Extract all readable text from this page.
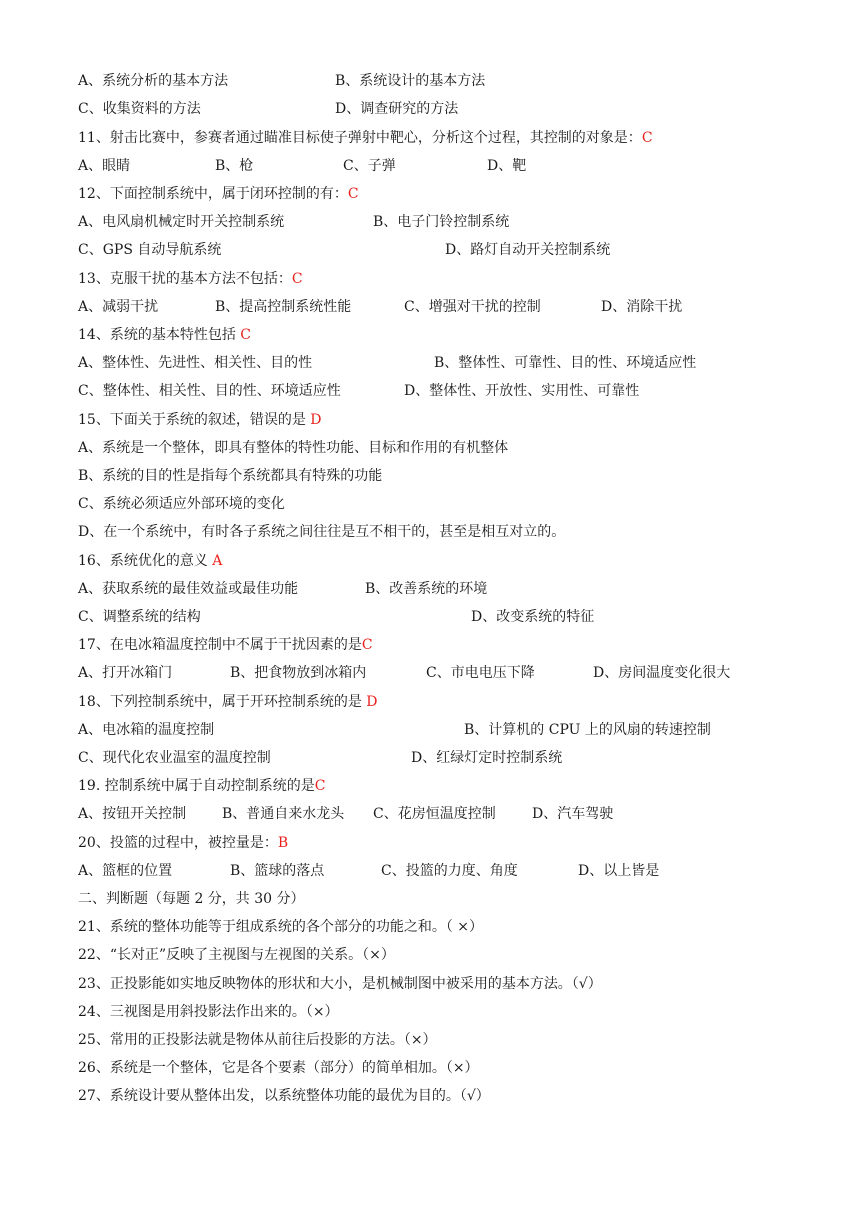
A、系统分析的基本方法	B、系统设计的基本方法
C、收集资料的方法	D、调查研究的方法
11、射击比赛中，参赛者通过瞄准目标使子弹射中靶心，分析这个过程，其控制的对象是：C
A、眼睛	B、枪	C、子弹	D、靶
12、下面控制系统中，属于闭环控制的有：C
A、电风扇机械定时开关控制系统	B、电子门铃控制系统
C、GPS 自动导航系统	D、路灯自动开关控制系统
13、克服干扰的基本方法不包括：C
A、减弱干扰	B、提高控制系统性能	C、增强对干扰的控制	D、消除干扰
14、系统的基本特性包括 C
A、整体性、先进性、相关性、目的性	B、整体性、可靠性、目的性、环境适应性
C、整体性、相关性、目的性、环境适应性	D、整体性、开放性、实用性、可靠性
15、下面关于系统的叙述，错误的是 D
A、系统是一个整体，即具有整体的特性功能、目标和作用的有机整体
B、系统的目的性是指每个系统都具有特殊的功能
C、系统必须适应外部环境的变化
D、在一个系统中，有时各子系统之间往往是互不相干的，甚至是相互对立的。
16、系统优化的意义 A
A、获取系统的最佳效益或最佳功能	B、改善系统的环境
C、调整系统的结构	D、改变系统的特征
17、在电冰箱温度控制中不属于干扰因素的是C
A、打开冰箱门	B、把食物放到冰箱内	C、市电电压下降	D、房间温度变化很大
18、下列控制系统中，属于开环控制系统的是 D
A、电冰箱的温度控制	B、计算机的 CPU 上的风扇的转速控制
C、现代化农业温室的温度控制	D、红绿灯定时控制系统
19. 控制系统中属于自动控制系统的是C
A、按钮开关控制	B、普通自来水龙头 C、花房恒温度控制	D、汽车驾驶
20、投篮的过程中，被控量是：B
A、篮框的位置	B、篮球的落点	C、投篮的力度、角度	D、以上皆是
二、判断题（每题 2 分，共 30 分）
21、系统的整体功能等于组成系统的各个部分的功能之和。（ ×）
22、“长对正”反映了主视图与左视图的关系。（×）
23、正投影能如实地反映物体的形状和大小，是机械制图中被采用的基本方法。（√）
24、三视图是用斜投影法作出来的。（×）
25、常用的正投影法就是物体从前往后投影的方法。（×）
26、系统是一个整体，它是各个要素（部分）的简单相加。（×）
27、系统设计要从整体出发，以系统整体功能的最优为目的。（√）
